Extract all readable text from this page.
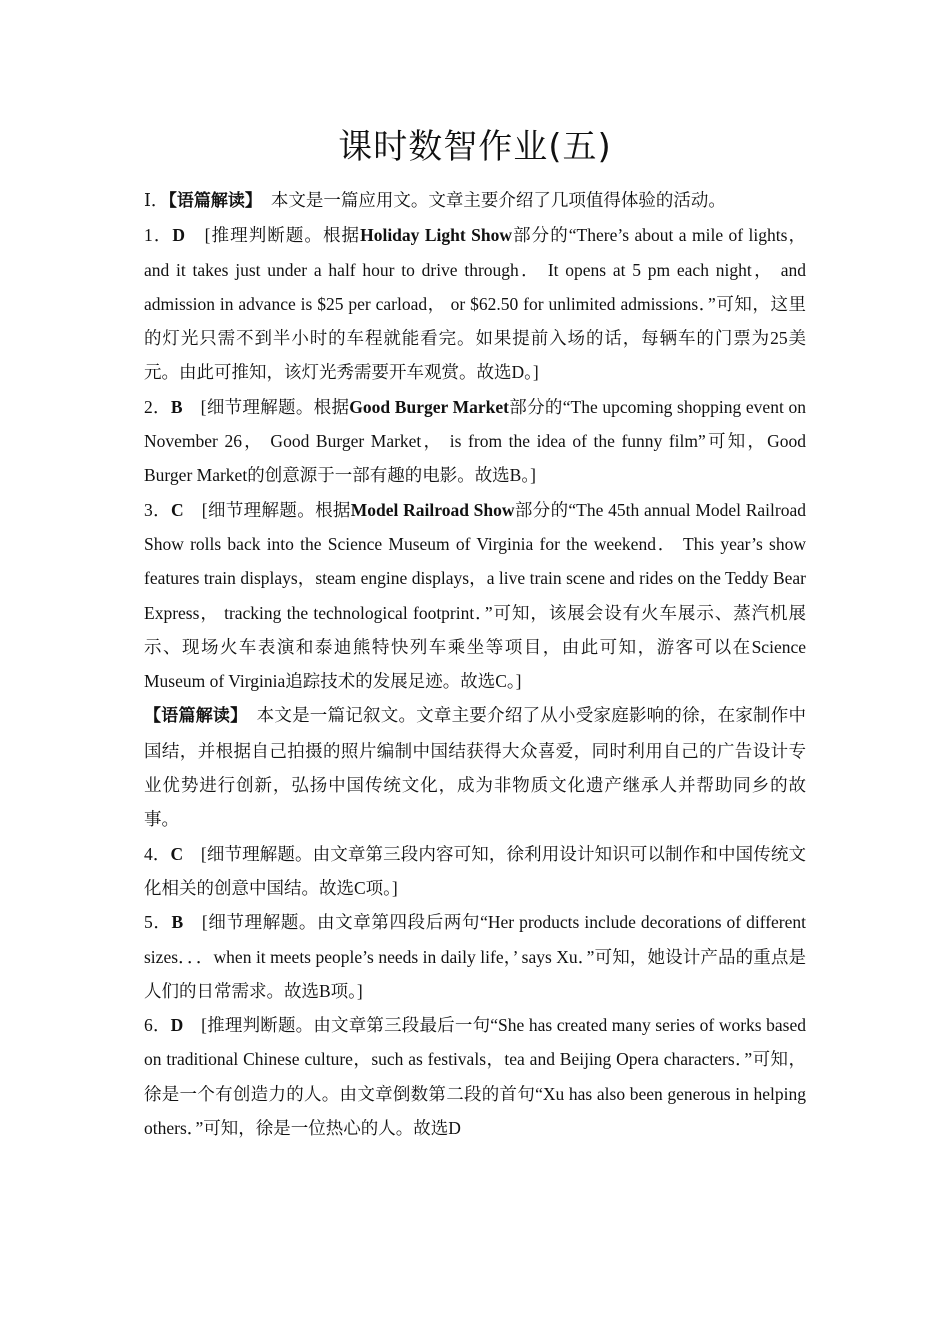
课时数智作业(五)

Ⅰ．【语篇解读】　本文是一篇应用文。文章主要介绍了几项值得体验的活动。

1．D　[推理判断题。根据Holiday Light Show部分的“There’s about a mile of lights， and it takes just under a half hour to drive through． It opens at 5 pm each night， and admission in advance is $25 per carload， or $62.50 for unlimited admissions．”可知，这里的灯光只需不到半小时的车程就能看完。如果提前入场的话，每辆车的门票为25美元。由此可推知，该灯光秀需要开车观赏。故选D。]

2．B　[细节理解题。根据Good Burger Market部分的“The upcoming shopping event on November 26， Good Burger Market， is from the idea of the funny film”可知，Good Burger Market的创意源于一部有趣的电影。故选B。]

3．C　[细节理解题。根据Model Railroad Show部分的“The 45th annual Model Railroad Show rolls back into the Science Museum of Virginia for the weekend． This year’s show features train displays，steam engine displays，a live train scene and rides on the Teddy Bear Express， tracking the technological footprint．”可知，该展会设有火车展示、蒸汽机展示、现场火车表演和泰迪熊特快列车乘坐等项目，由此可知，游客可以在Science Museum of Virginia追踪技术的发展足迹。故选C。]

【语篇解读】　本文是一篇记叙文。文章主要介绍了从小受家庭影响的徐，在家制作中国结，并根据自己拍摄的照片编制中国结获得大众喜爱，同时利用自己的广告设计专业优势进行创新，弘扬中国传统文化，成为非物质文化遗产继承人并帮助同乡的故事。

4．C　[细节理解题。由文章第三段内容可知，徐利用设计知识可以制作和中国传统文化相关的创意中国结。故选C项。]

5．B　[细节理解题。由文章第四段后两句“Her products include decorations of different sizes．．．when it meets people’s needs in daily life，’ says Xu．”可知，她设计产品的重点是人们的日常需求。故选B项。]

6．D　[推理判断题。由文章第三段最后一句“She has created many series of works based on traditional Chinese culture，such as festivals，tea and Beijing Opera characters．”可知，徐是一个有创造力的人。由文章倒数第二段的首句“Xu has also been generous in helping others．”可知，徐是一位热心的人。故选D
